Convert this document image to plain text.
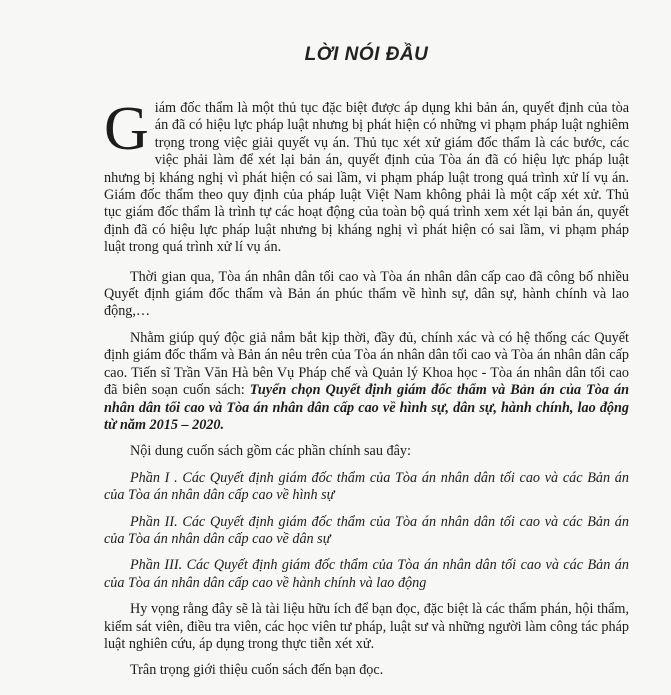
LỜI NÓI ĐẦU

Giám đốc thẩm là một thủ tục đặc biệt được áp dụng khi bản án, quyết định của tòa án đã có hiệu lực pháp luật nhưng bị phát hiện có những vi phạm pháp luật nghiêm trọng trong việc giải quyết vụ án. Thủ tục xét xử giám đốc thẩm là các bước, các việc phải làm để xét lại bản án, quyết định của Tòa án đã có hiệu lực pháp luật nhưng bị kháng nghị vì phát hiện có sai lầm, vi phạm pháp luật trong quá trình xử lí vụ án. Giám đốc thẩm theo quy định của pháp luật Việt Nam không phải là một cấp xét xử. Thủ tục giám đốc thẩm là trình tự các hoạt động của toàn bộ quá trình xem xét lại bản án, quyết định đã có hiệu lực pháp luật nhưng bị kháng nghị vì phát hiện có sai lầm, vi phạm pháp luật trong quá trình xử lí vụ án.

Thời gian qua, Tòa án nhân dân tối cao và Tòa án nhân dân cấp cao đã công bố nhiều Quyết định giám đốc thẩm và Bản án phúc thẩm về hình sự, dân sự, hành chính và lao động,…

Nhằm giúp quý độc giả nắm bắt kịp thời, đầy đủ, chính xác và có hệ thống các Quyết định giám đốc thẩm và Bản án nêu trên của Tòa án nhân dân tối cao và Tòa án nhân dân cấp cao. Tiến sĩ Trần Văn Hà bên Vụ Pháp chế và Quản lý Khoa học - Tòa án nhân dân tối cao đã biên soạn cuốn sách: Tuyển chọn Quyết định giám đốc thẩm và Bản án của Tòa án nhân dân tối cao và Tòa án nhân dân cấp cao về hình sự, dân sự, hành chính, lao động từ năm 2015 – 2020.

Nội dung cuốn sách gồm các phần chính sau đây:

Phần I . Các Quyết định giám đốc thẩm của Tòa án nhân dân tối cao và các Bản án của Tòa án nhân dân cấp cao về hình sự

Phần II. Các Quyết định giám đốc thẩm của Tòa án nhân dân tối cao và các Bản án của Tòa án nhân dân cấp cao về dân sự

Phần III. Các Quyết định giám đốc thẩm của Tòa án nhân dân tối cao và các Bản án của Tòa án nhân dân cấp cao về hành chính và lao động

Hy vọng rằng đây sẽ là tài liệu hữu ích để bạn đọc, đặc biệt là các thẩm phán, hội thẩm, kiểm sát viên, điều tra viên, các học viên tư pháp, luật sư và những người làm công tác pháp luật nghiên cứu, áp dụng trong thực tiễn xét xử.

Trân trọng giới thiệu cuốn sách đến bạn đọc.
